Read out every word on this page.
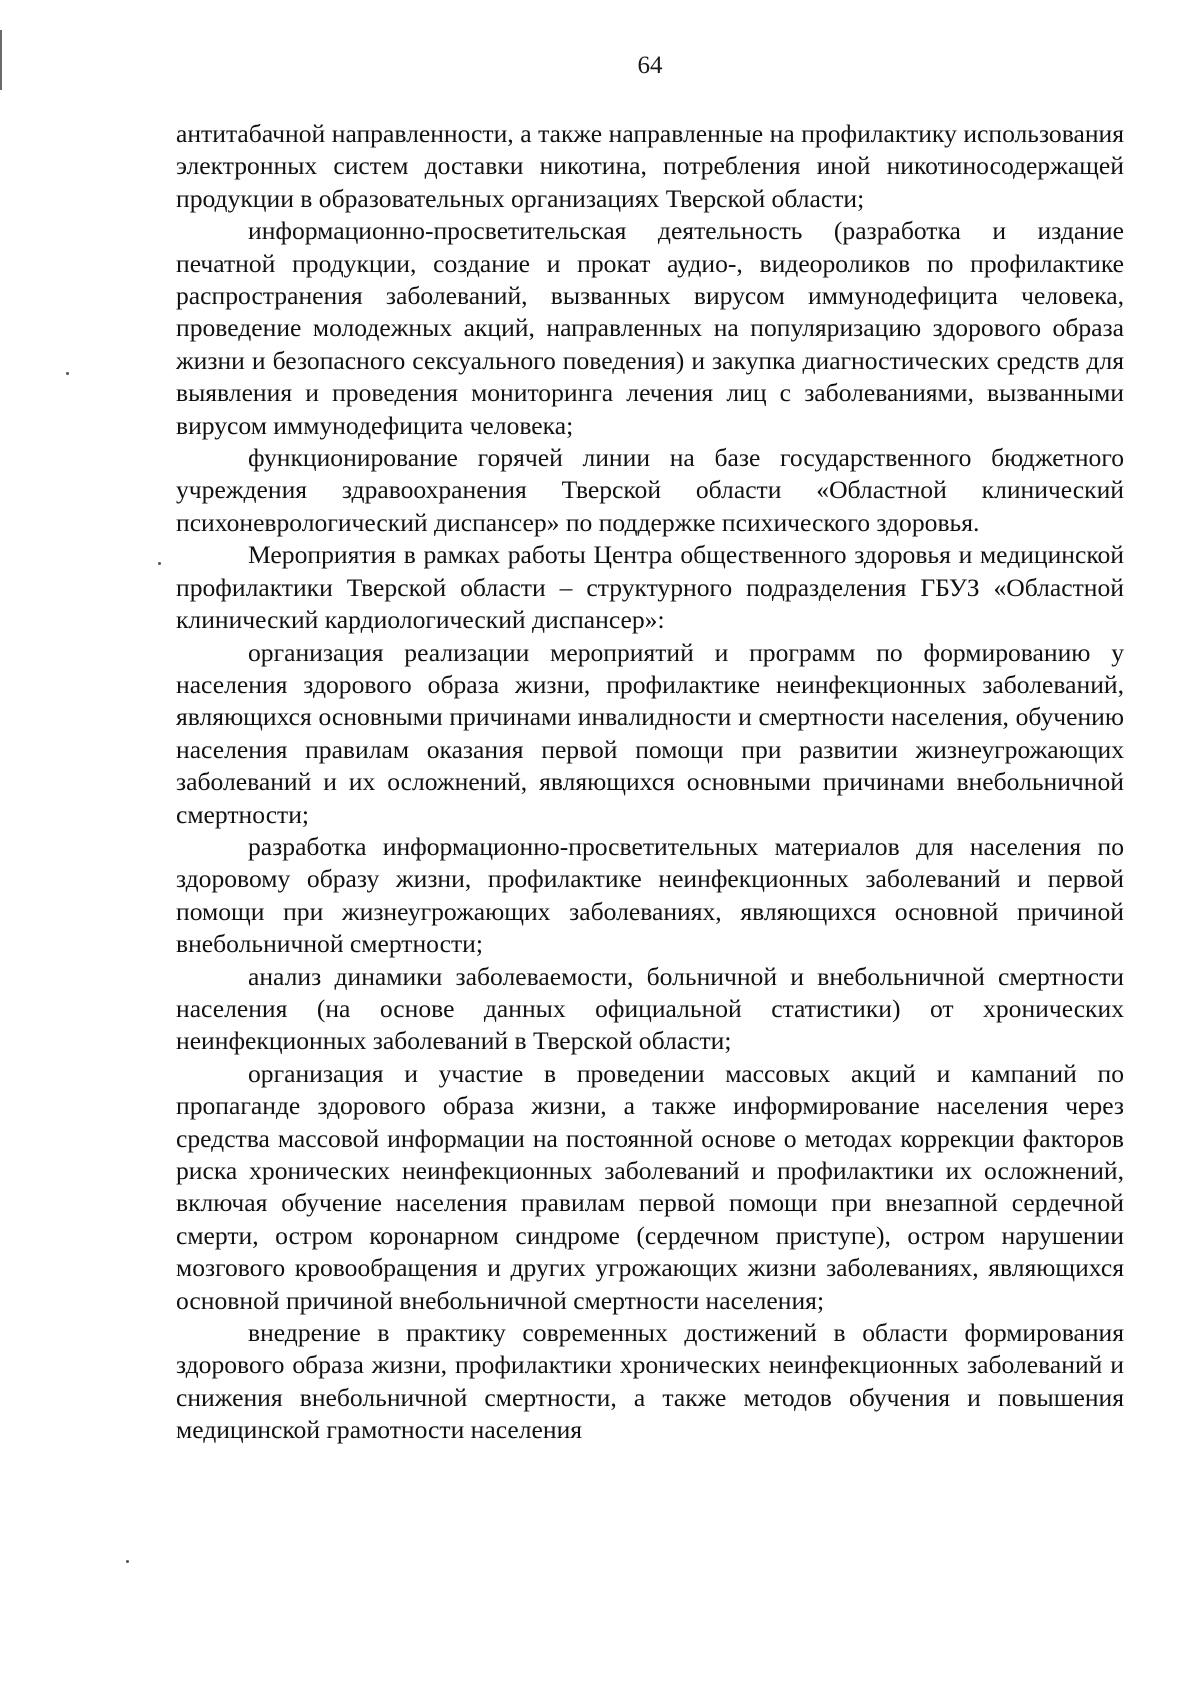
64

антитабачной направленности, а также направленные на профилактику использования электронных систем доставки никотина, потребления иной никотиносодержащей продукции в образовательных организациях Тверской области;

информационно-просветительская деятельность (разработка и издание печатной продукции, создание и прокат аудио-, видеороликов по профилактике распространения заболеваний, вызванных вирусом иммунодефицита человека, проведение молодежных акций, направленных на популяризацию здорового образа жизни и безопасного сексуального поведения) и закупка диагностических средств для выявления и проведения мониторинга лечения лиц с заболеваниями, вызванными вирусом иммунодефицита человека;

функционирование горячей линии на базе государственного бюджетного учреждения здравоохранения Тверской области «Областной клинический психоневрологический диспансер» по поддержке психического здоровья.

Мероприятия в рамках работы Центра общественного здоровья и медицинской профилактики Тверской области – структурного подразделения ГБУЗ «Областной клинический кардиологический диспансер»:

организация реализации мероприятий и программ по формированию у населения здорового образа жизни, профилактике неинфекционных заболеваний, являющихся основными причинами инвалидности и смертности населения, обучению населения правилам оказания первой помощи при развитии жизнеугрожающих заболеваний и их осложнений, являющихся основными причинами внебольничной смертности;

разработка информационно-просветительных материалов для населения по здоровому образу жизни, профилактике неинфекционных заболеваний и первой помощи при жизнеугрожающих заболеваниях, являющихся основной причиной внебольничной смертности;

анализ динамики заболеваемости, больничной и внебольничной смертности населения (на основе данных официальной статистики) от хронических неинфекционных заболеваний в Тверской области;

организация и участие в проведении массовых акций и кампаний по пропаганде здорового образа жизни, а также информирование населения через средства массовой информации на постоянной основе о методах коррекции факторов риска хронических неинфекционных заболеваний и профилактики их осложнений, включая обучение населения правилам первой помощи при внезапной сердечной смерти, остром коронарном синдроме (сердечном приступе), остром нарушении мозгового кровообращения и других угрожающих жизни заболеваниях, являющихся основной причиной внебольничной смертности населения;

внедрение в практику современных достижений в области формирования здорового образа жизни, профилактики хронических неинфекционных заболеваний и снижения внебольничной смертности, а также методов обучения и повышения медицинской грамотности населения
